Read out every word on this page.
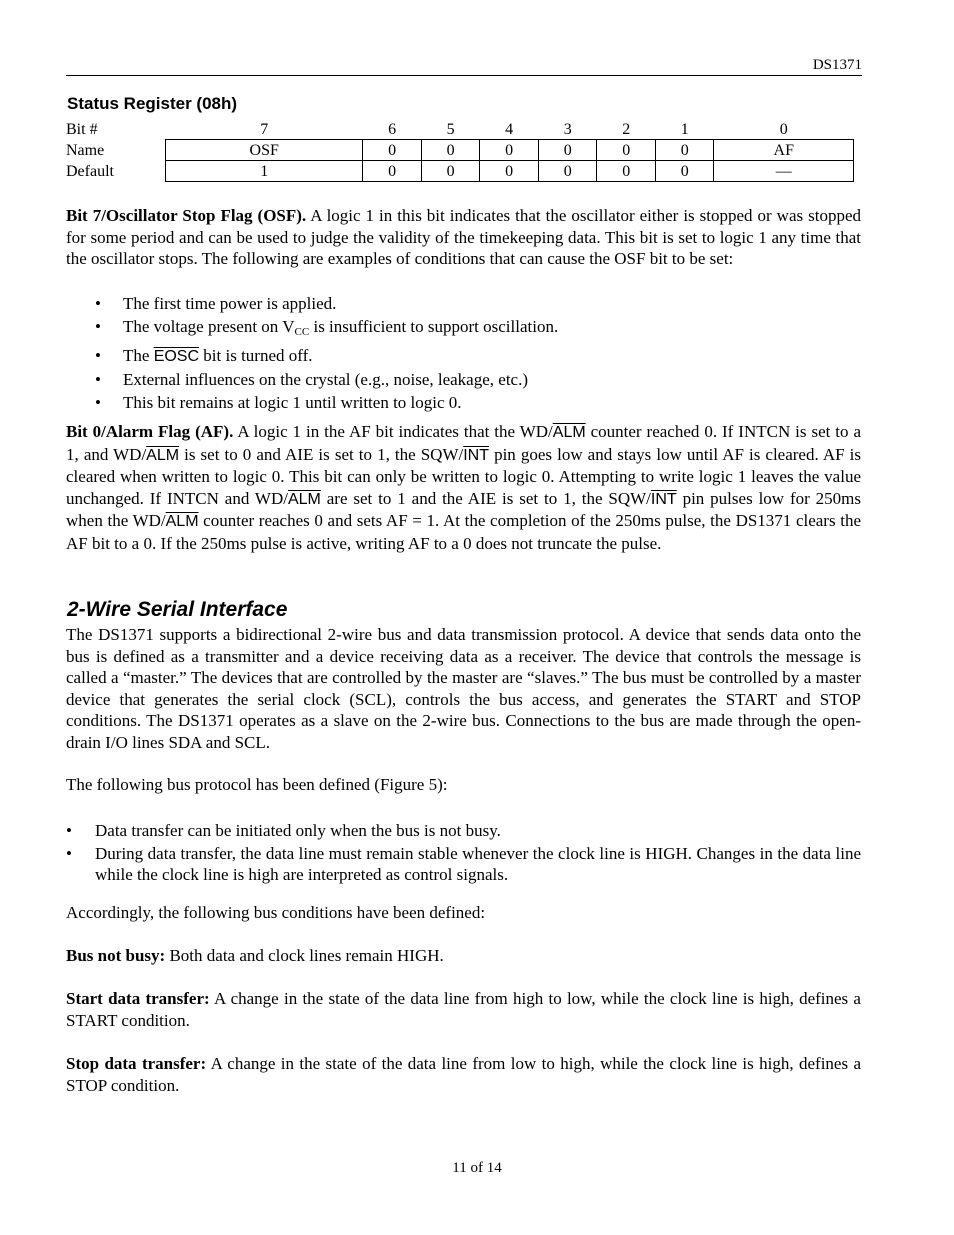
DS1371
Status Register (08h)
Bit #	7	6	5	4	3	2	1	0
Name	OSF	0	0	0	0	0	0	AF
Default	1	0	0	0	0	0	0	—
Bit 7/Oscillator Stop Flag (OSF). A logic 1 in this bit indicates that the oscillator either is stopped or was stopped for some period and can be used to judge the validity of the timekeeping data. This bit is set to logic 1 any time that the oscillator stops. The following are examples of conditions that can cause the OSF bit to be set:
• The first time power is applied.
• The voltage present on $V_{CC}$ is insufficient to support oscillation.
• The EOSC bit is turned off.
• External influences on the crystal (e.g., noise, leakage, etc.)
• This bit remains at logic 1 until written to logic 0.
Bit 0/Alarm Flag (AF). A logic 1 in the AF bit indicates that the $WD/\overline{ALM}$ counter reached 0. If INTCN is set to a 1, and $WD/\overline{ALM}$ is set to 0 and AIE is set to 1, the SQW/$\overline{INT}$ pin goes low and stays low until AF is cleared. AF is cleared when written to logic 0. This bit can only be written to logic 0. Attempting to write logic 1 leaves the value unchanged. If INTCN and $WD/\overline{ALM}$ are set to 1 and the AIE is set to 1, the SQW/$\overline{INT}$ pin pulses low for 250ms when the $WD/\overline{ALM}$ counter reaches 0 and sets AF = 1. At the completion of the 250ms pulse, the DS1371 clears the AF bit to a 0. If the 250ms pulse is active, writing AF to a 0 does not truncate the pulse.
2-Wire Serial Interface
The DS1371 supports a bidirectional 2-wire bus and data transmission protocol. A device that sends data onto the bus is defined as a transmitter and a device receiving data as a receiver. The device that controls the message is called a “master.” The devices that are controlled by the master are “slaves.” The bus must be controlled by a master device that generates the serial clock (SCL), controls the bus access, and generates the START and STOP conditions. The DS1371 operates as a slave on the 2-wire bus. Connections to the bus are made through the open-drain I/O lines SDA and SCL.
The following bus protocol has been defined (Figure 5):
• Data transfer can be initiated only when the bus is not busy.
• During data transfer, the data line must remain stable whenever the clock line is HIGH. Changes in the data line while the clock line is high are interpreted as control signals.
Accordingly, the following bus conditions have been defined:
Bus not busy: Both data and clock lines remain HIGH.
Start data transfer: A change in the state of the data line from high to low, while the clock line is high, defines a START condition.
Stop data transfer: A change in the state of the data line from low to high, while the clock line is high, defines a STOP condition.
11 of 14
